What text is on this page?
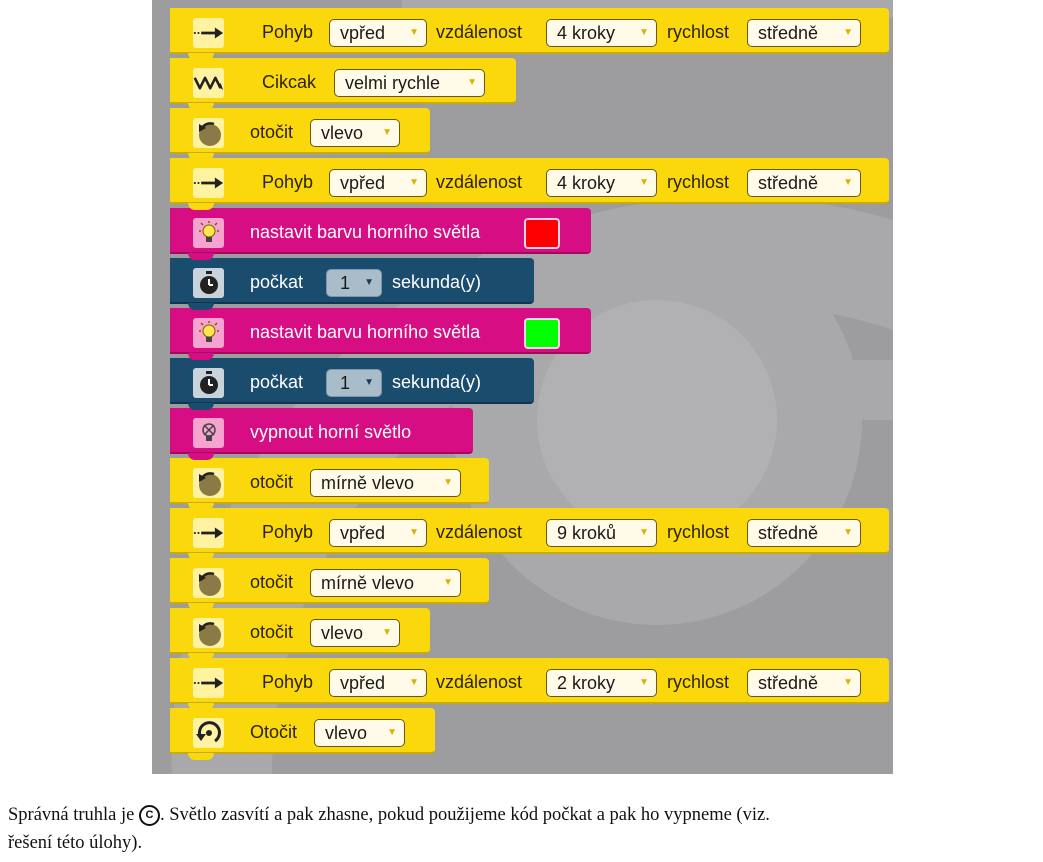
Pohyb	vpřed ▼ vzdálenost	4 kroky ▼ rychlost	středně	▼
Cikcak	velmi rychle	▼
otočit	vlevo ▼
Pohyb	vpřed ▼ vzdálenost	4 kroky ▼ rychlost	středně	▼
nastavit barvu horního světla
počkat	1 ▼ sekunda(y)
nastavit barvu horního světla
počkat	1 ▼ sekunda(y)
vypnout horní světlo
otočit	mírně vlevo	▼
Pohyb	vpřed ▼ vzdálenost	9 kroků ▼ rychlost	středně	▼
otočit	mírně vlevo	▼
otočit	vlevo ▼
Pohyb	vpřed ▼ vzdálenost	2 kroky ▼ rychlost	středně	▼
Otočit	vlevo ▼
Správná truhla je C . Světlo zasvítí a pak zhasne, pokud použijeme kód počkat a pak ho vypneme (viz.
řešení této úlohy).
